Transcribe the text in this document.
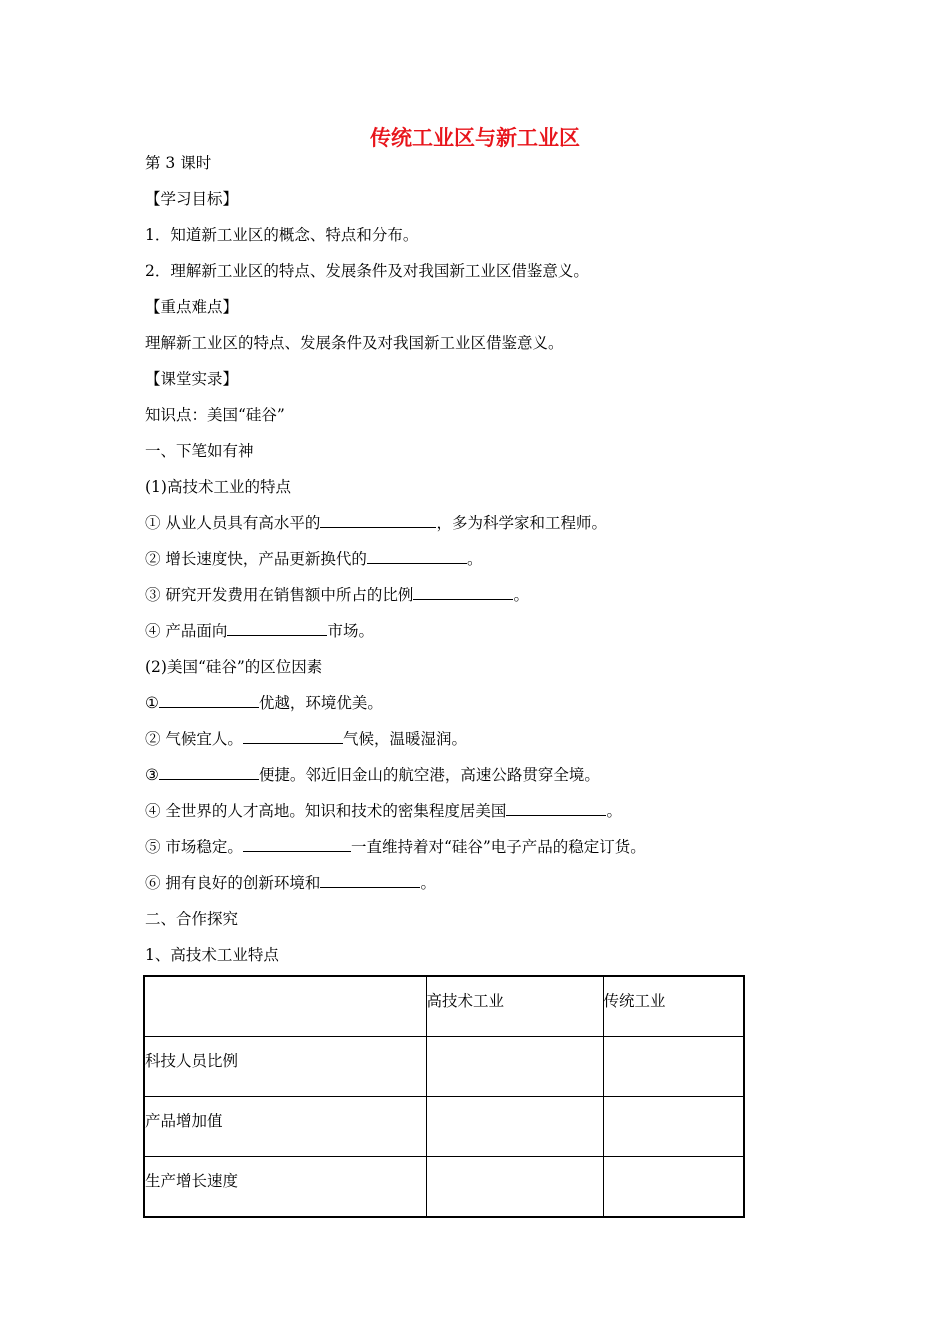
传统工业区与新工业区
第 3 课时
【学习目标】
1．知道新工业区的概念、特点和分布。
2．理解新工业区的特点、发展条件及对我国新工业区借鉴意义。
【重点难点】
理解新工业区的特点、发展条件及对我国新工业区借鉴意义。
【课堂实录】
知识点：美国“硅谷”
一、下笔如有神
(1)高技术工业的特点
① 从业人员具有高水平的	，多为科学家和工程师。
② 增长速度快，产品更新换代的	。
③ 研究开发费用在销售额中所占的比例	。
④ 产品面向	市场。
(2)美国“硅谷”的区位因素
①	优越，环境优美。
② 气候宜人。	气候，温暖湿润。
③	便捷。邻近旧金山的航空港，高速公路贯穿全境。
④ 全世界的人才高地。知识和技术的密集程度居美国	。
⑤ 市场稳定。	一直维持着对“硅谷”电子产品的稳定订货。
⑥ 拥有良好的创新环境和	。
二、合作探究
1、高技术工业特点

	高技术工业	传统工业

科技人员比例		

产品增加值		

生产增长速度		
